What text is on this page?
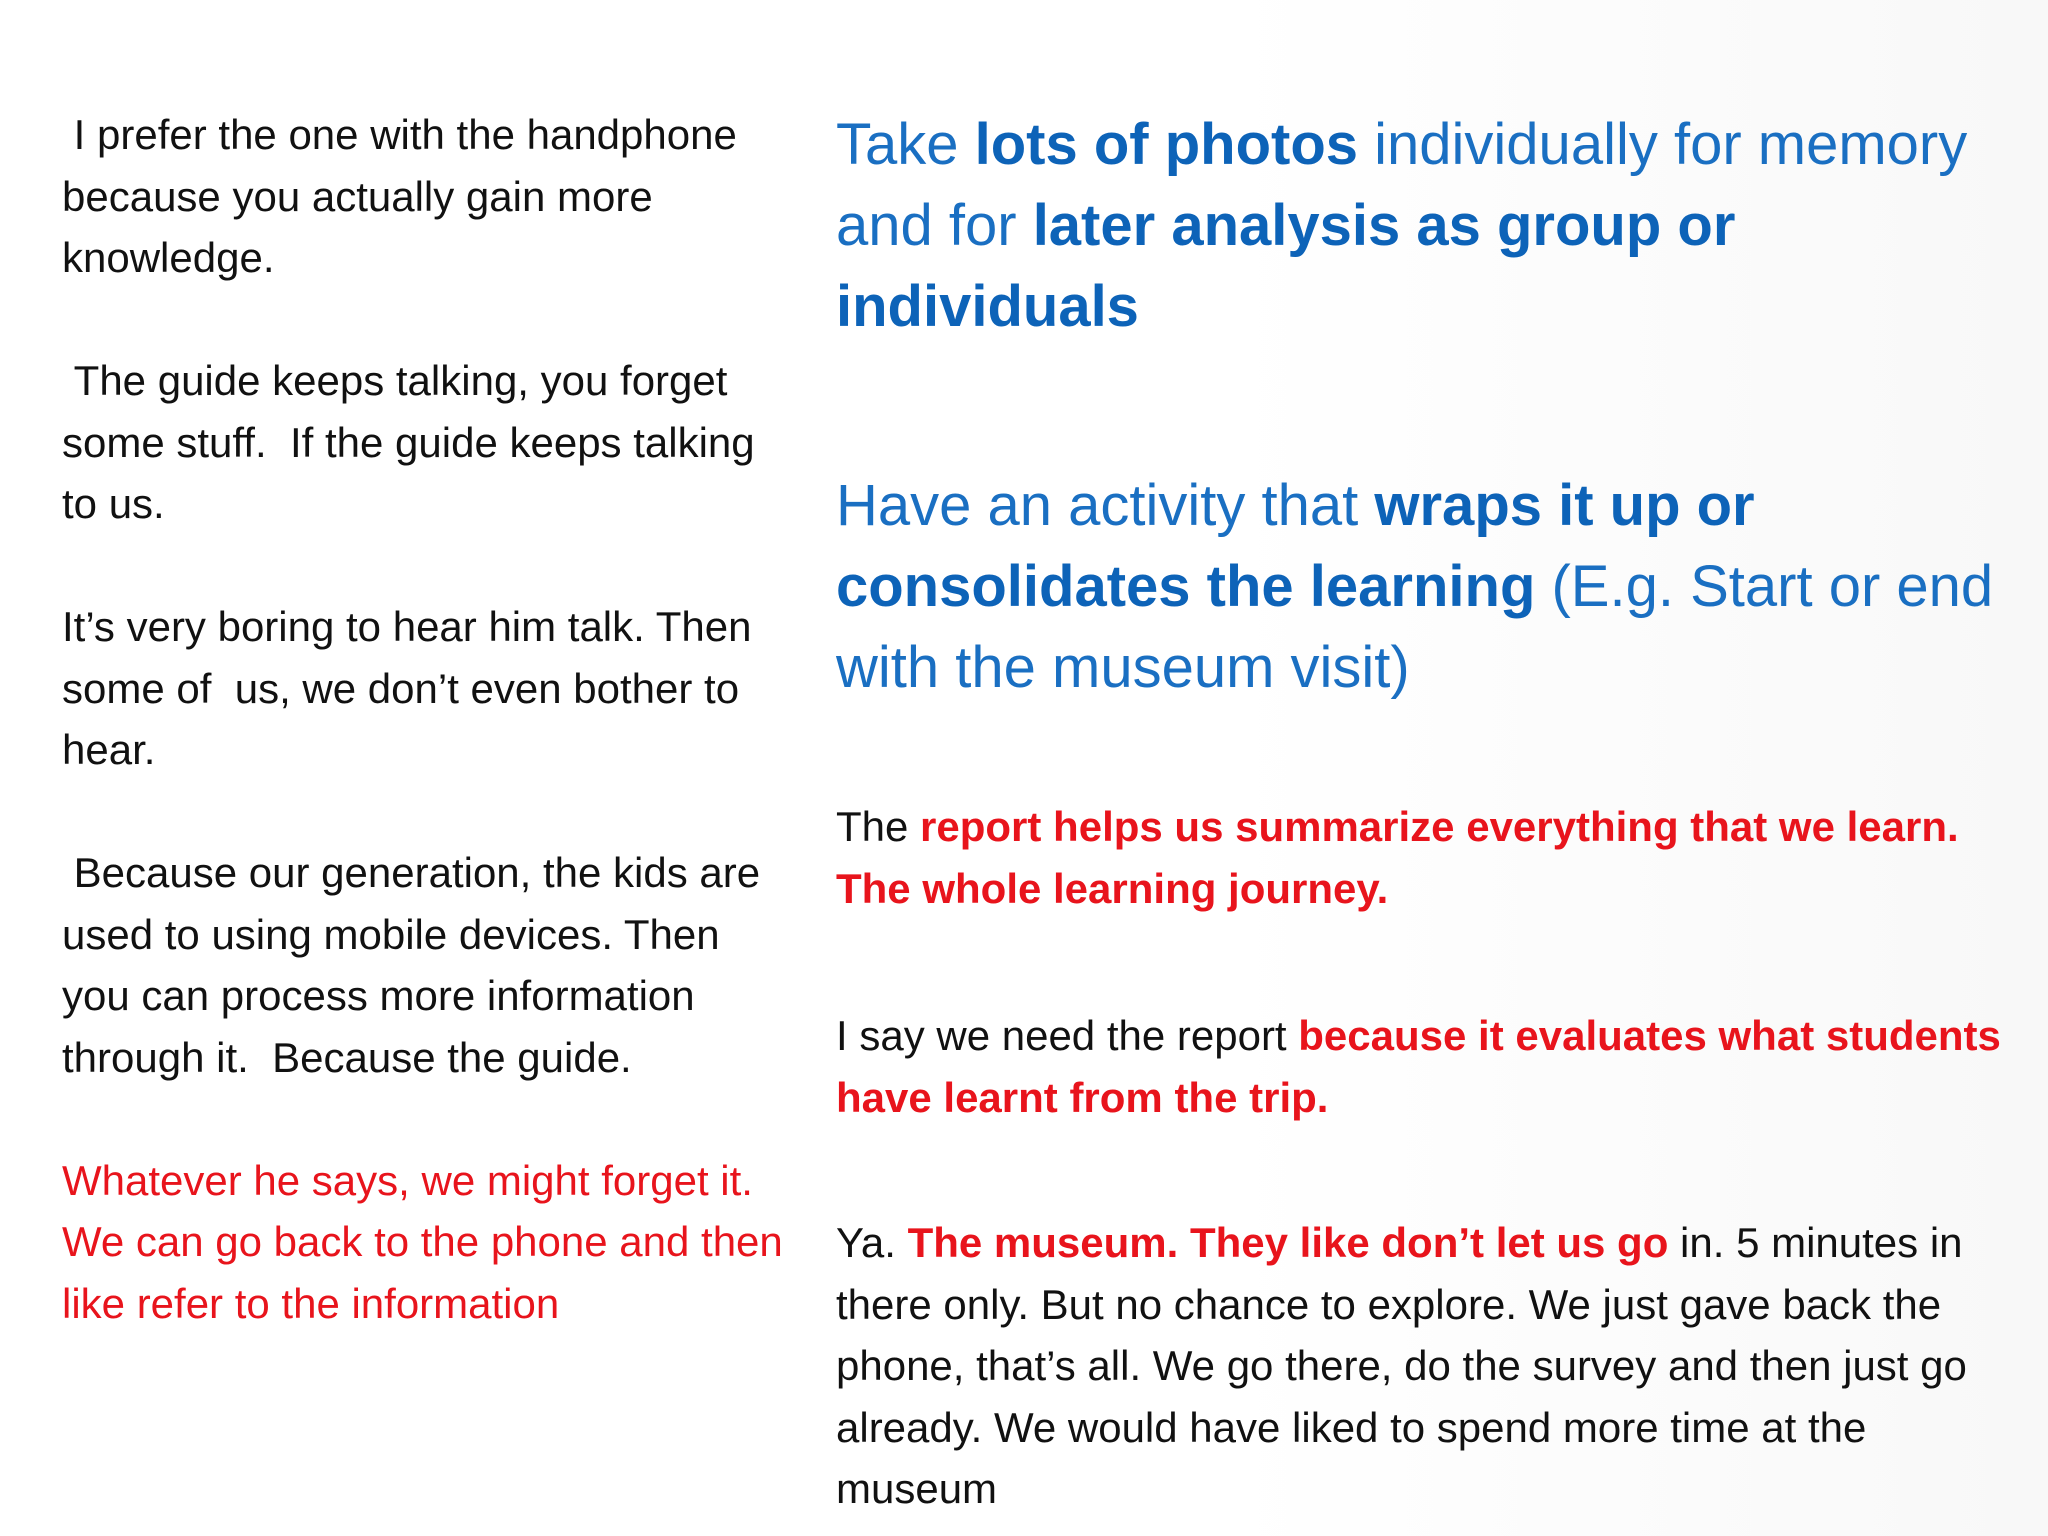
I prefer the one with the handphone because you actually gain more knowledge.

The guide keeps talking, you forget some stuff.  If the guide keeps talking to us.

It’s very boring to hear him talk. Then some of  us, we don’t even bother to hear.

Because our generation, the kids are used to using mobile devices. Then you can process more information through it.  Because the guide.

Whatever he says, we might forget it. We can go back to the phone and then like refer to the information

Take lots of photos individually for memory and for later analysis as group or individuals

Have an activity that wraps it up or consolidates the learning (E.g. Start or end with the museum visit)

The report helps us summarize everything that we learn. The whole learning journey.

I say we need the report because it evaluates what students have learnt from the trip.

Ya. The museum. They like don’t let us go in. 5 minutes in there only. But no chance to explore. We just gave back the phone, that’s all. We go there, do the survey and then just go already. We would have liked to spend more time at the museum
